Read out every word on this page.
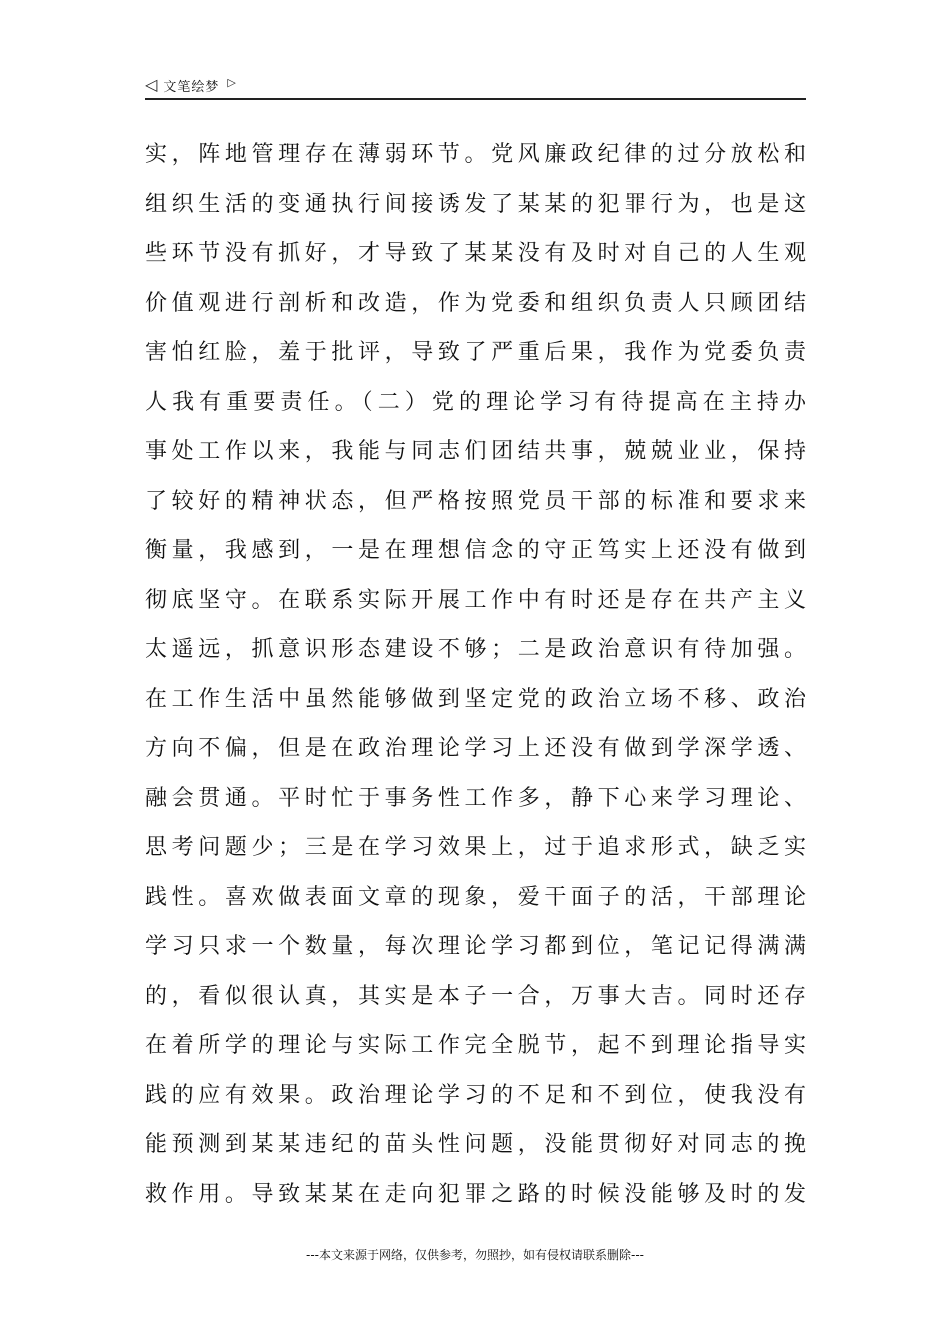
◁ 文笔绘梦 ▷
实，阵地管理存在薄弱环节。党风廉政纪律的过分放松和
组织生活的变通执行间接诱发了某某的犯罪行为，也是这
些环节没有抓好，才导致了某某没有及时对自己的人生观
价值观进行剖析和改造，作为党委和组织负责人只顾团结
害怕红脸，羞于批评，导致了严重后果，我作为党委负责
人我有重要责任。（二）党的理论学习有待提高在主持办
事处工作以来，我能与同志们团结共事，兢兢业业，保持
了较好的精神状态，但严格按照党员干部的标准和要求来
衡量，我感到，一是在理想信念的守正笃实上还没有做到
彻底坚守。在联系实际开展工作中有时还是存在共产主义
太遥远，抓意识形态建设不够；二是政治意识有待加强。
在工作生活中虽然能够做到坚定党的政治立场不移、政治
方向不偏，但是在政治理论学习上还没有做到学深学透、
融会贯通。平时忙于事务性工作多，静下心来学习理论、
思考问题少；三是在学习效果上，过于追求形式，缺乏实
践性。喜欢做表面文章的现象，爱干面子的活，干部理论
学习只求一个数量，每次理论学习都到位，笔记记得满满
的，看似很认真，其实是本子一合，万事大吉。同时还存
在着所学的理论与实际工作完全脱节，起不到理论指导实
践的应有效果。政治理论学习的不足和不到位，使我没有
能预测到某某违纪的苗头性问题，没能贯彻好对同志的挽
救作用。导致某某在走向犯罪之路的时候没能够及时的发
---本文来源于网络，仅供参考，勿照抄，如有侵权请联系删除---
